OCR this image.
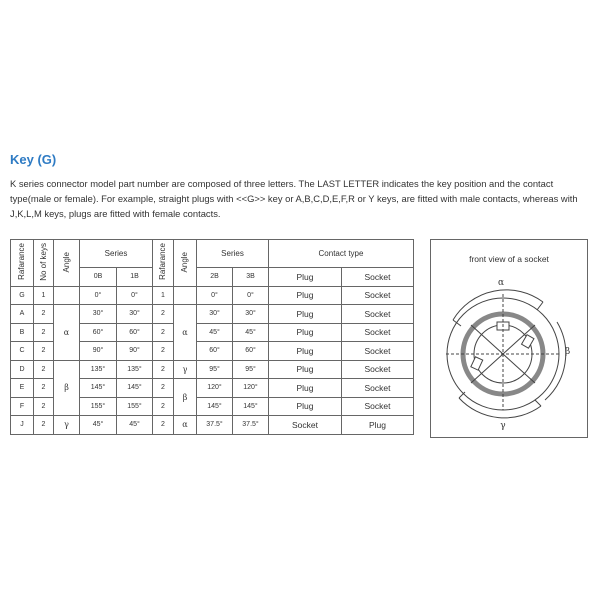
Key (G)
K series connector model part number are composed of three letters. The LAST LETTER indicates the key position and the contact type(male or female). For example, straight plugs with <<G>> key or A,B,C,D,E,F,R or Y keys, are fitted with male contacts, whereas with J,K,L,M keys, plugs are fitted with female contacts.
Rafarance	No of keys	Angle	Series		Rafarance	Angle	Series		Contact type	
			0B	1B			2B	3B	Plug	Socket
G	1		0°	0°	1		0°	0°	Plug	Socket
A	2	α	30°	30°	2	α	30°	30°	Plug	Socket
B	2		60°	60°	2		45°	45°	Plug	Socket
C	2		90°	90°	2		60°	60°	Plug	Socket
D	2	β	135°	135°	2	γ	95°	95°	Plug	Socket
E	2		145°	145°	2	β	120°	120°	Plug	Socket
F	2		155°	155°	2		145°	145°	Plug	Socket
J	2	γ	45°	45°	2	α	37.5°	37.5°	Socket	Plug
front view of a socket
α
β
γ
